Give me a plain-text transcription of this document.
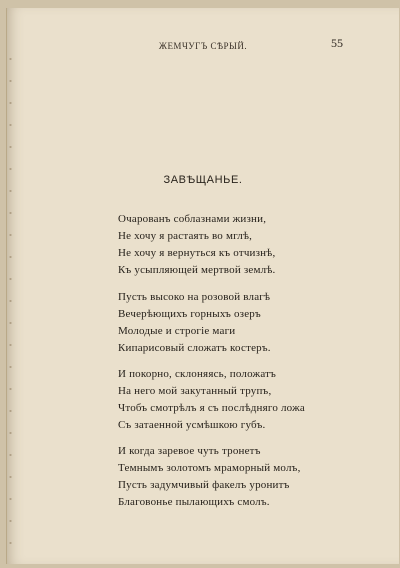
ЖЕМЧУГЪ СѢРЫЙ.	55
ЗАВѢЩАНЬЕ.
Очарованъ соблазнами жизни,
Не хочу я растаять во мглѣ,
Не хочу я вернуться къ отчизнѣ,
Къ усыпляющей мертвой землѣ.
Пусть высоко на розовой влагѣ
Вечерѣющихъ горныхъ озеръ
Молодые и строгіе маги
Кипарисовый сложатъ костеръ.
И покорно, склоняясь, положатъ
На него мой закутанный трупъ,
Чтобъ смотрѣлъ я съ послѣдняго ложа
Съ затаенной усмѣшкою губъ.
И когда заревое чуть тронетъ
Темнымъ золотомъ мраморный молъ,
Пусть задумчивый факелъ уронитъ
Благовонье пылающихъ смолъ.
